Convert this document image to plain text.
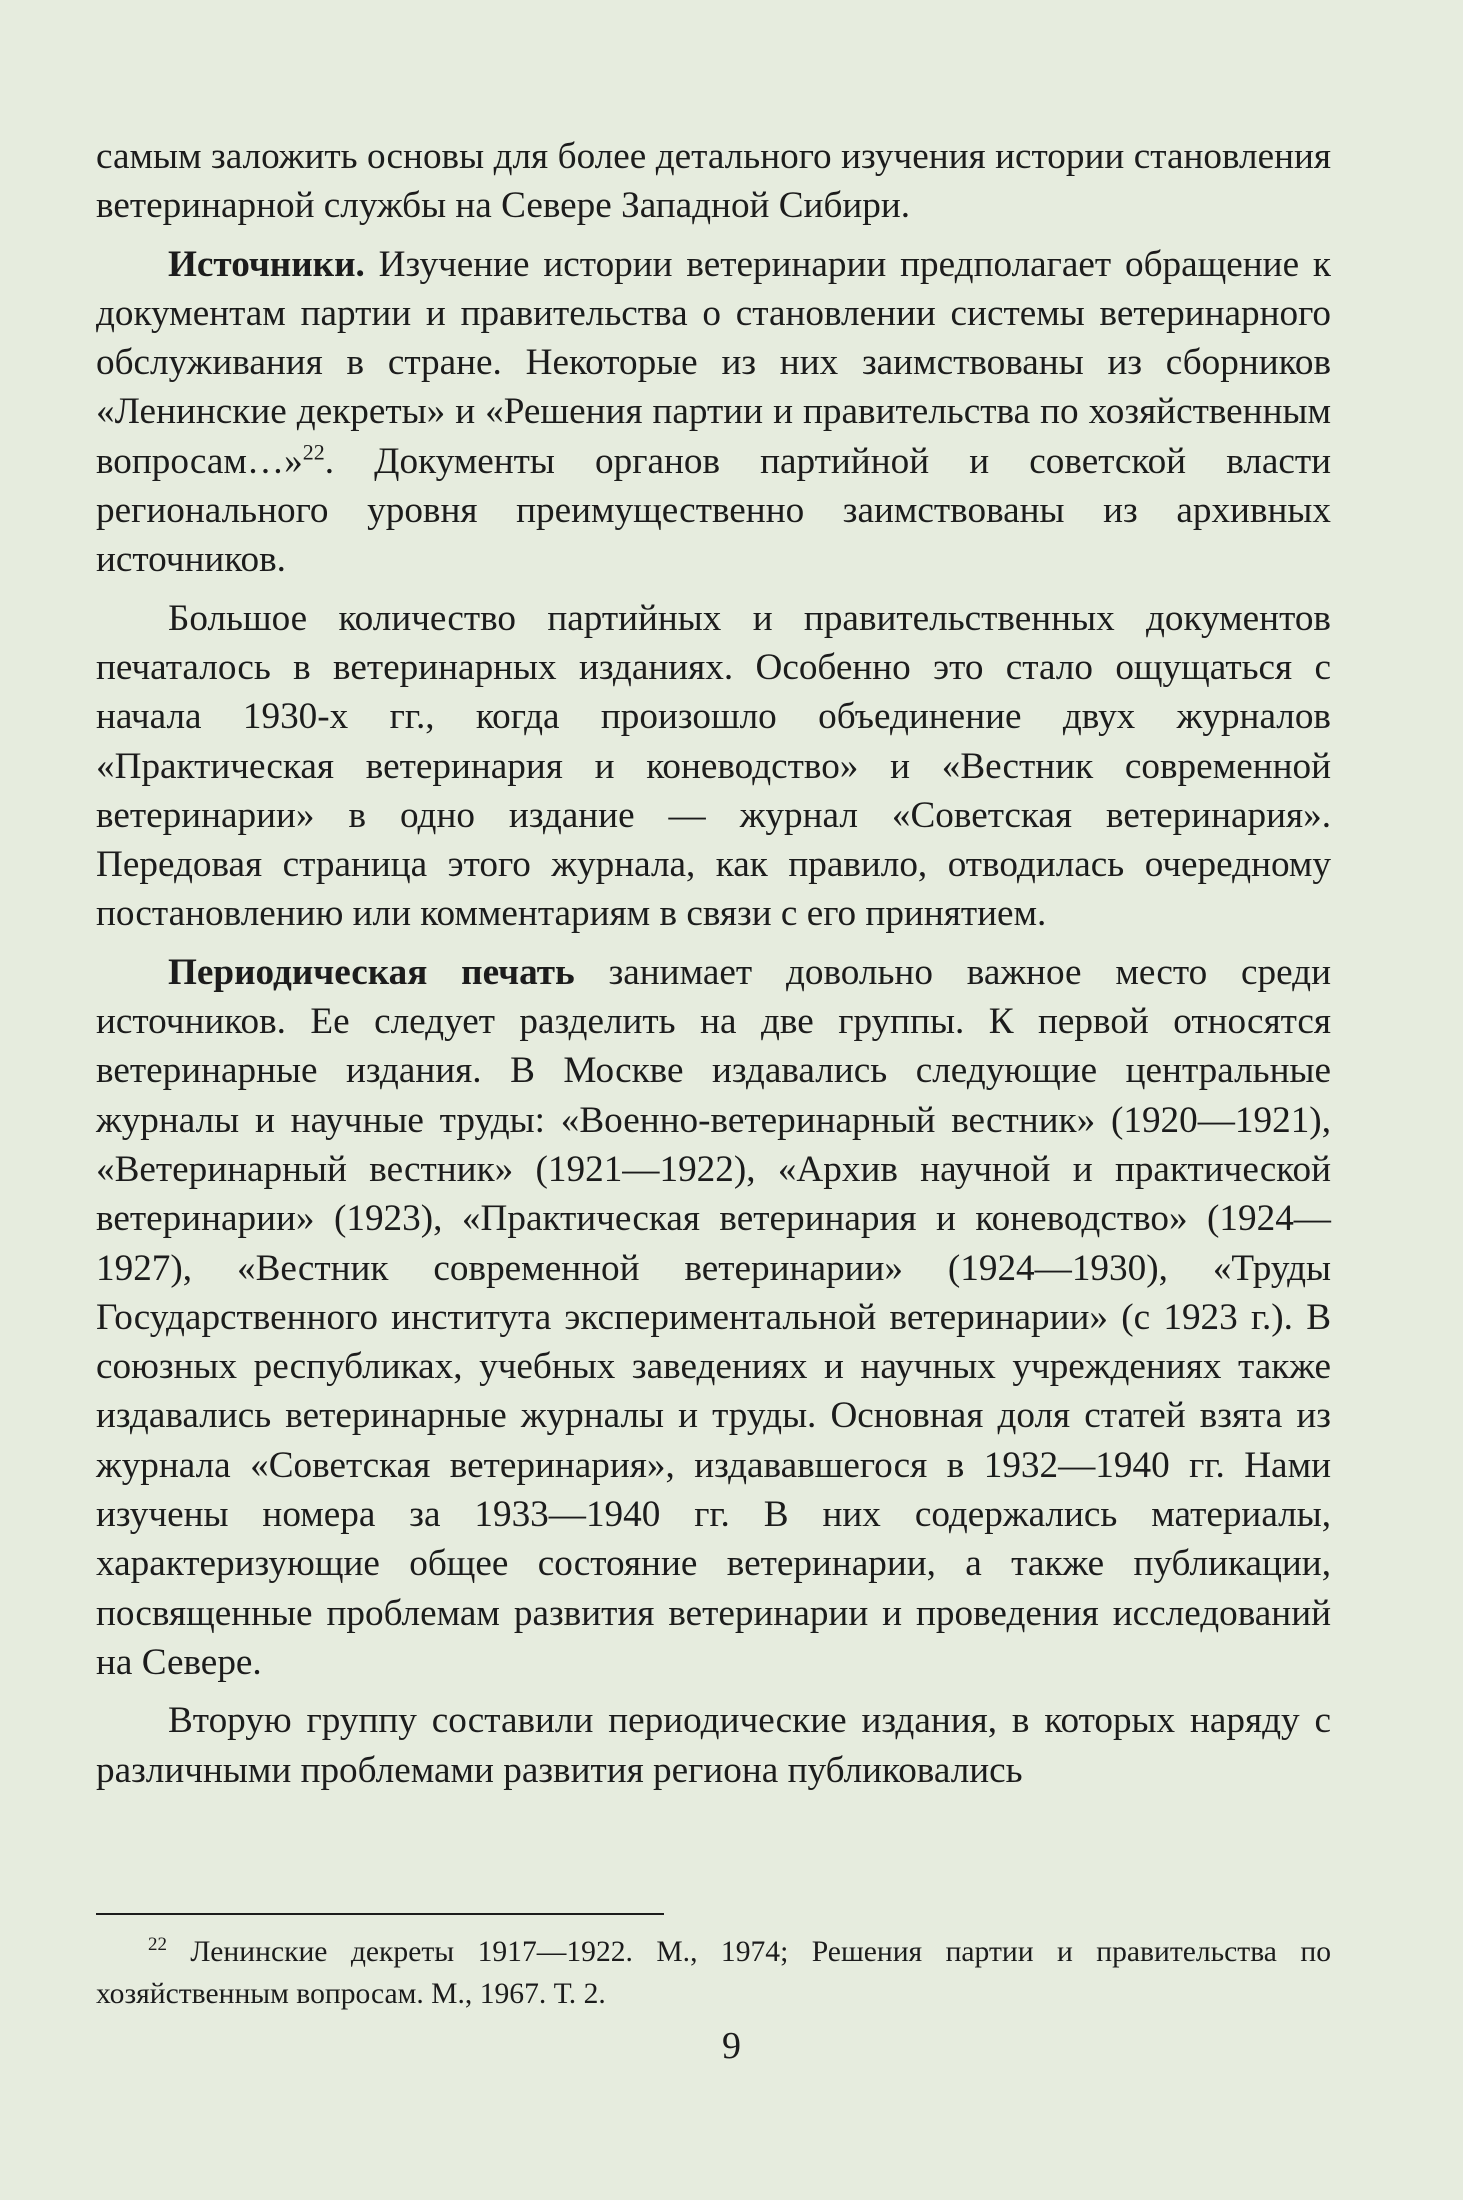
самым заложить основы для более детального изучения истории становления ветеринарной службы на Севере Западной Сибири.

Источники. Изучение истории ветеринарии предполагает обращение к документам партии и правительства о становлении системы ветеринарного обслуживания в стране. Некоторые из них заимствованы из сборников «Ленинские декреты» и «Решения партии и правительства по хозяйственным вопросам…»$^{22}$. Документы органов партийной и советской власти регионального уровня преимущественно заимствованы из архивных источников.

Большое количество партийных и правительственных документов печаталось в ветеринарных изданиях. Особенно это стало ощущаться с начала 1930-х гг., когда произошло объединение двух журналов «Практическая ветеринария и коневодство» и «Вестник современной ветеринарии» в одно издание — журнал «Советская ветеринария». Передовая страница этого журнала, как правило, отводилась очередному постановлению или комментариям в связи с его принятием.

Периодическая печать занимает довольно важное место среди источников. Ее следует разделить на две группы. К первой относятся ветеринарные издания. В Москве издавались следующие центральные журналы и научные труды: «Военно-ветеринарный вестник» (1920—1921), «Ветеринарный вестник» (1921—1922), «Архив научной и практической ветеринарии» (1923), «Практическая ветеринария и коневодство» (1924—1927), «Вестник современной ветеринарии» (1924—1930), «Труды Государственного института экспериментальной ветеринарии» (с 1923 г.). В союзных республиках, учебных заведениях и научных учреждениях также издавались ветеринарные журналы и труды. Основная доля статей взята из журнала «Советская ветеринария», издававшегося в 1932—1940 гг. Нами изучены номера за 1933—1940 гг. В них содержались материалы, характеризующие общее состояние ветеринарии, а также публикации, посвященные проблемам развития ветеринарии и проведения исследований на Севере.

Вторую группу составили периодические издания, в которых наряду с различными проблемами развития региона публиковались

$^{22}$ Ленинские декреты 1917—1922. М., 1974; Решения партии и правительства по хозяйственным вопросам. М., 1967. Т. 2.

9
